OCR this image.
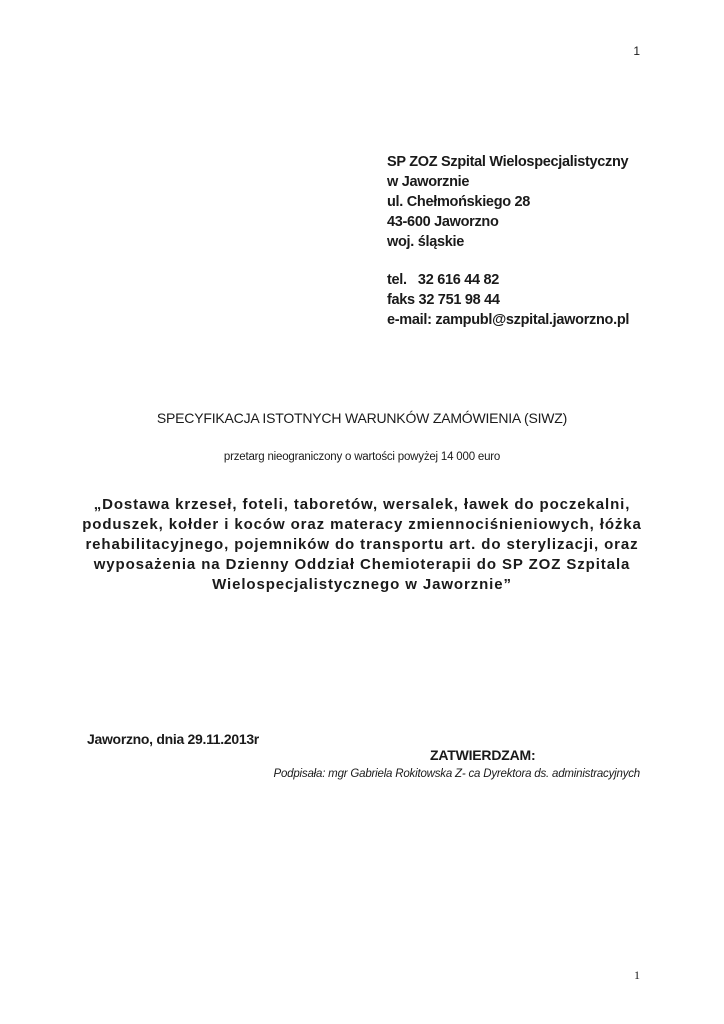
1
SP ZOZ Szpital Wielospecjalistyczny
w Jaworznie
ul. Chełmońskiego 28
43-600 Jaworzno
woj. śląskie
tel.   32 616 44 82
faks 32 751 98 44
e-mail: zampubl@szpital.jaworzno.pl
SPECYFIKACJA ISTOTNYCH WARUNKÓW ZAMÓWIENIA (SIWZ)
przetarg nieograniczony o wartości powyżej 14 000 euro
„Dostawa krzeseł, foteli, taboretów, wersalek, ławek do poczekalni,
poduszek, kołder i koców oraz materacy zmiennociśnieniowych, łóżka
rehabilitacyjnego, pojemników do transportu art. do sterylizacji, oraz
wyposażenia na Dzienny Oddział Chemioterapii do SP ZOZ Szpitala
Wielospecjalistycznego w Jaworznie”
Jaworzno, dnia 29.11.2013r
ZATWIERDZAM:
Podpisała: mgr Gabriela Rokitowska Z- ca Dyrektora ds. administracyjnych
1
